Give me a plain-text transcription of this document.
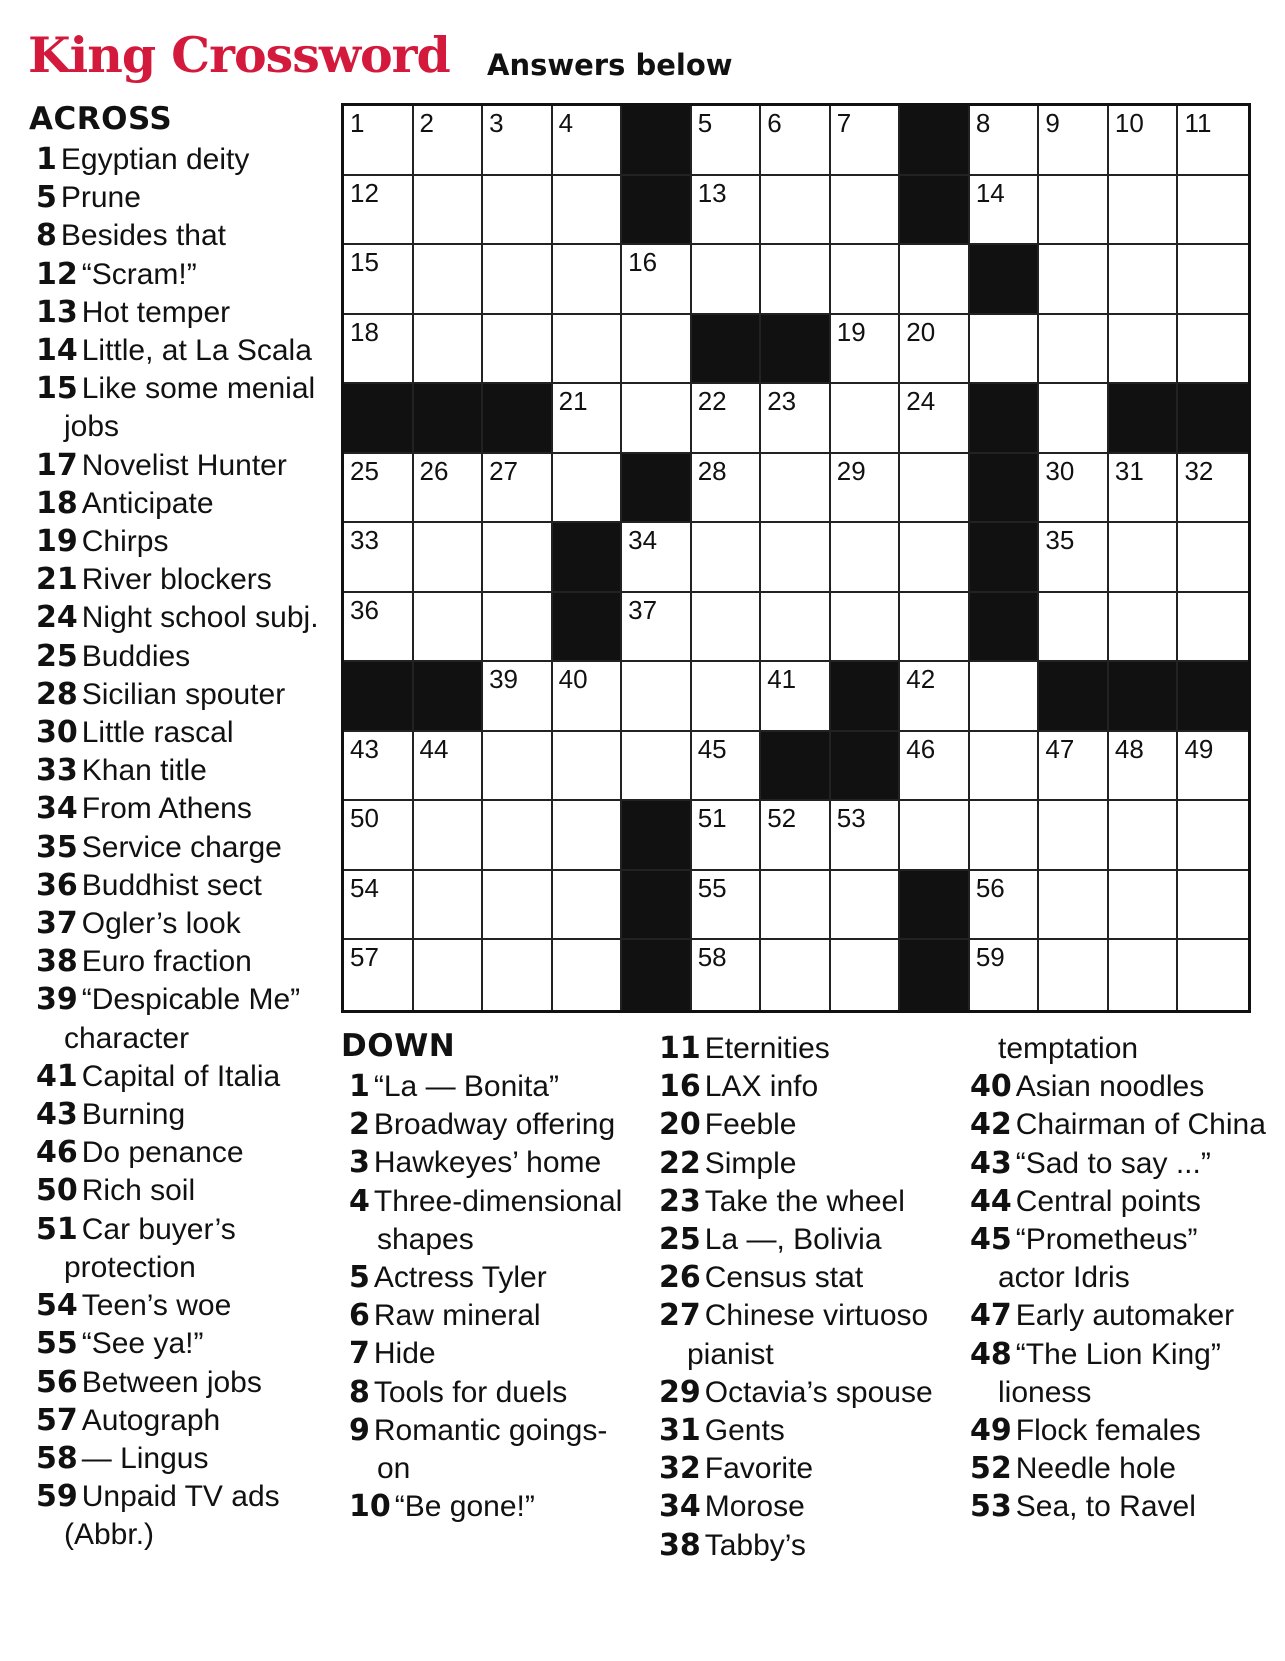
King Crossword Answers below
ACROSS
1 Egyptian deity
5 Prune
8 Besides that
12 “Scram!”
13 Hot temper
14 Little, at La Scala
15 Like some menial jobs
17 Novelist Hunter
18 Anticipate
19 Chirps
21 River blockers
24 Night school subj.
25 Buddies
28 Sicilian spouter
30 Little rascal
33 Khan title
34 From Athens
35 Service charge
36 Buddhist sect
37 Ogler’s look
38 Euro fraction
39 “Despicable Me” character
41 Capital of Italia
43 Burning
46 Do penance
50 Rich soil
51 Car buyer’s protection
54 Teen’s woe
55 “See ya!”
56 Between jobs
57 Autograph
58 — Lingus
59 Unpaid TV ads (Abbr.)
1 2 3 4	5 6 7	8 9 10 11
12	13	14
15	16
18	19 20
21	22 23	24
25 26 27	28	29	30 31 32
33	34	35
36	37
39 40	41	42
43 44	45	46	47 48 49
50	51 52 53
54	55	56
57	58	59
DOWN
1 “La — Bonita”
2 Broadway offering
3 Hawkeyes’ home
4 Three-dimensional shapes
5 Actress Tyler
6 Raw mineral
7 Hide
8 Tools for duels
9 Romantic goings-on
10 “Be gone!”
11 Eternities
16 LAX info
20 Feeble
22 Simple
23 Take the wheel
25 La —, Bolivia
26 Census stat
27 Chinese virtuoso pianist
29 Octavia’s spouse
31 Gents
32 Favorite
34 Morose
38 Tabby’s
temptation
40 Asian noodles
42 Chairman of China
43 “Sad to say ...”
44 Central points
45 “Prometheus” actor Idris
47 Early automaker
48 “The Lion King” lioness
49 Flock females
52 Needle hole
53 Sea, to Ravel
